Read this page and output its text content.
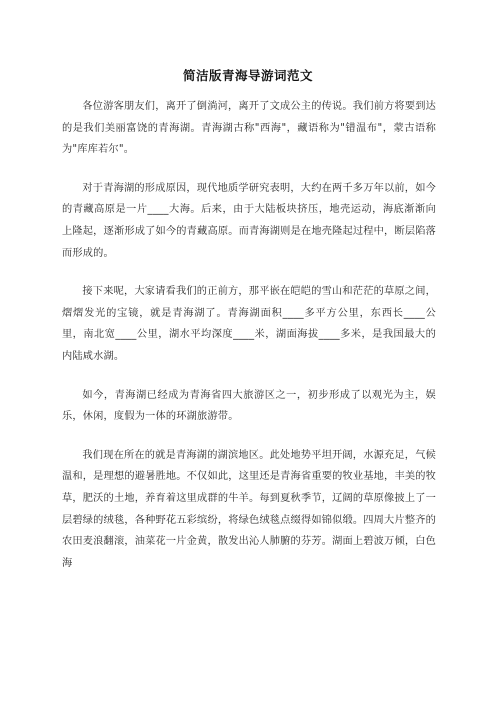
简洁版青海导游词范文

各位游客朋友们，离开了倒淌河，离开了文成公主的传说。我们前方将要到达的是我们美丽富饶的青海湖。青海湖古称"西海"，藏语称为"错温布"，蒙古语称为"库库若尔"。

对于青海湖的形成原因，现代地质学研究表明，大约在两千多万年以前，如今的青藏高原是一片____大海。后来，由于大陆板块挤压，地壳运动，海底渐渐向上隆起，逐渐形成了如今的青藏高原。而青海湖则是在地壳隆起过程中，断层陷落而形成的。

接下来呢，大家请看我们的正前方，那平嵌在皑皑的雪山和茫茫的草原之间，熠熠发光的宝镜，就是青海湖了。青海湖面积____多平方公里，东西长____公里，南北宽____公里，湖水平均深度____米，湖面海拔____多米，是我国最大的内陆咸水湖。

如今，青海湖已经成为青海省四大旅游区之一，初步形成了以观光为主，娱乐，休闲，度假为一体的环湖旅游带。

我们现在所在的就是青海湖的湖滨地区。此处地势平坦开阔，水源充足，气候温和，是理想的避暑胜地。不仅如此，这里还是青海省重要的牧业基地，丰美的牧草，肥沃的土地，养育着这里成群的牛羊。每到夏秋季节，辽阔的草原像披上了一层碧绿的绒毯，各种野花五彩缤纷，将绿色绒毯点缀得如锦似缎。四周大片整齐的农田麦浪翻滚，油菜花一片金黄，散发出沁人肺腑的芬芳。湖面上碧波万倾，白色海
